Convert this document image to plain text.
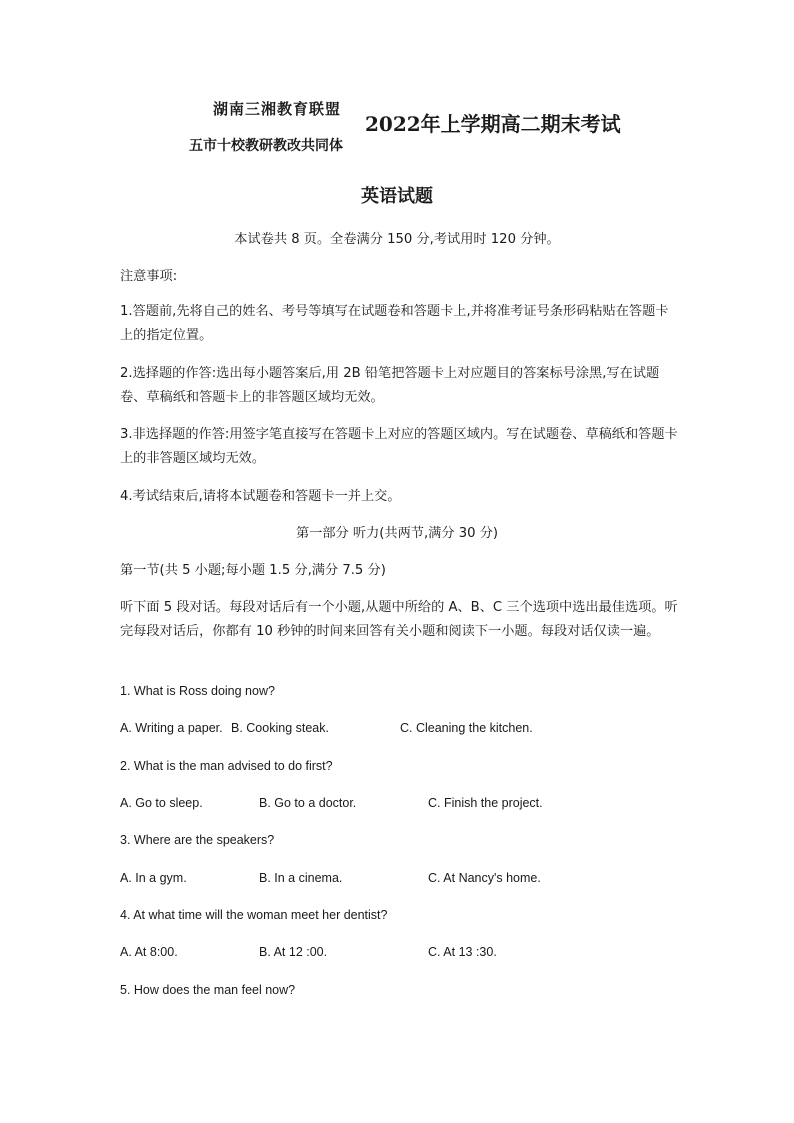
湖南三湘教育联盟
2022年上学期高二期末考试
五市十校教研教改共同体
英语试题
本试卷共 8 页。全卷满分 150 分,考试用时 120 分钟。
注意事项:
1.答题前,先将自己的姓名、考号等填写在试题卷和答题卡上,并将准考证号条形码粘贴在答题卡上的指定位置。
2.选择题的作答:选出每小题答案后,用 2B 铅笔把答题卡上对应题目的答案标号涂黑,写在试题卷、草稿纸和答题卡上的非答题区域均无效。
3.非选择题的作答:用签字笔直接写在答题卡上对应的答题区域内。写在试题卷、草稿纸和答题卡上的非答题区域均无效。
4.考试结束后,请将本试题卷和答题卡一并上交。
第一部分 听力(共两节,满分 30 分)
第一节(共 5 小题;每小题 1.5 分,满分 7.5 分)
听下面 5 段对话。每段对话后有一个小题,从题中所给的 A、B、C 三个选项中选出最佳选项。听完每段对话后，你都有 10 秒钟的时间来回答有关小题和阅读下一小题。每段对话仅读一遍。
1. What is Ross doing now?
A. Writing a paper. B. Cooking steak.	C. Cleaning the kitchen.
2. What is the man advised to do first?
A. Go to sleep.	B. Go to a doctor.	C. Finish the project.
3. Where are the speakers?
A. In a gym.	B. In a cinema.	C. At Nancy's home.
4. At what time will the woman meet her dentist?
A. At 8:00.	B. At 12 :00.	C. At 13 :30.
5. How does the man feel now?
